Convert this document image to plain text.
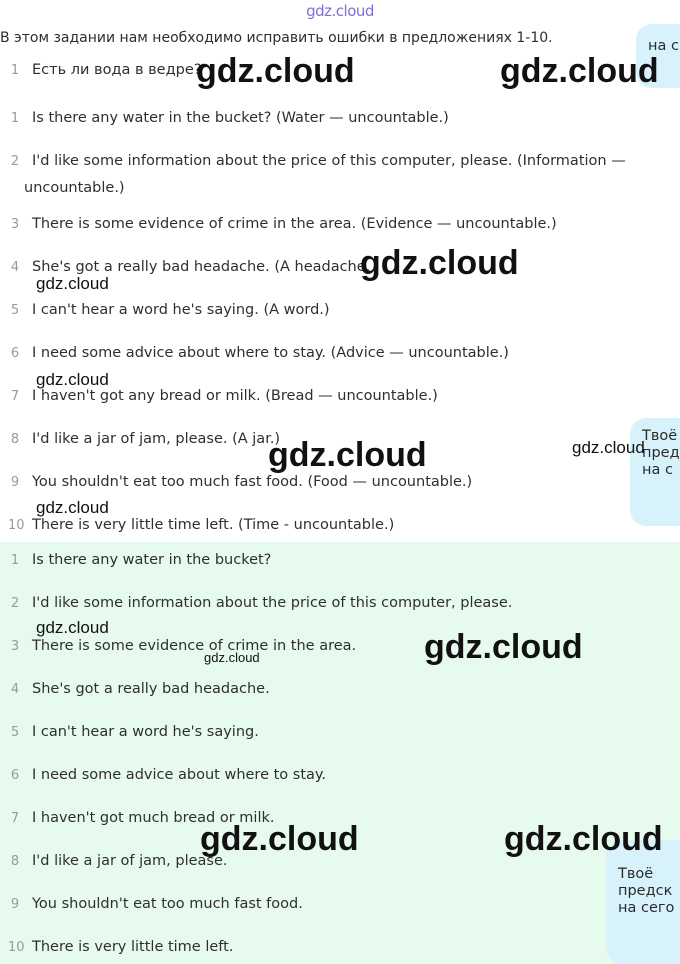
gdz.cloud
В этом задании нам необходимо исправить ошибки в предложениях 1-10.
1 Есть ли вода в ведре?
1 Is there any water in the bucket? (Water — uncountable.)
2 I'd like some information about the price of this computer, please. (Information —
uncountable.)
3 There is some evidence of crime in the area. (Evidence — uncountable.)
4 She's got a really bad headache. (A headache.
5 I can't hear a word he's saying. (A word.)
6 I need some advice about where to stay. (Advice — uncountable.)
7 I haven't got any bread or milk. (Bread — uncountable.)
8 I'd like a jar of jam, please. (A jar.)
9 You shouldn't eat too much fast food. (Food — uncountable.)
10 There is very little time left. (Time - uncountable.)
1 Is there any water in the bucket?
2 I'd like some information about the price of this computer, please.
3 There is some evidence of crime in the area.
4 She's got a really bad headache.
5 I can't hear a word he's saying.
6 I need some advice about where to stay.
7 I haven't got much bread or milk.
8 I'd like a jar of jam, please.
9 You shouldn't eat too much fast food.
10 There is very little time left.
на с
Твоё
пред
на с
Твоё
предск
на сего
gdz.cloud	gdz.cloud
gdz.cloud
gdz.cloud
gdz.cloud
gdz.cloud
gdz.cloud
gdz.cloud
gdz.cloud
gdz.cloud
gdz.cloud
gdz.cloud	gdz.cloud
